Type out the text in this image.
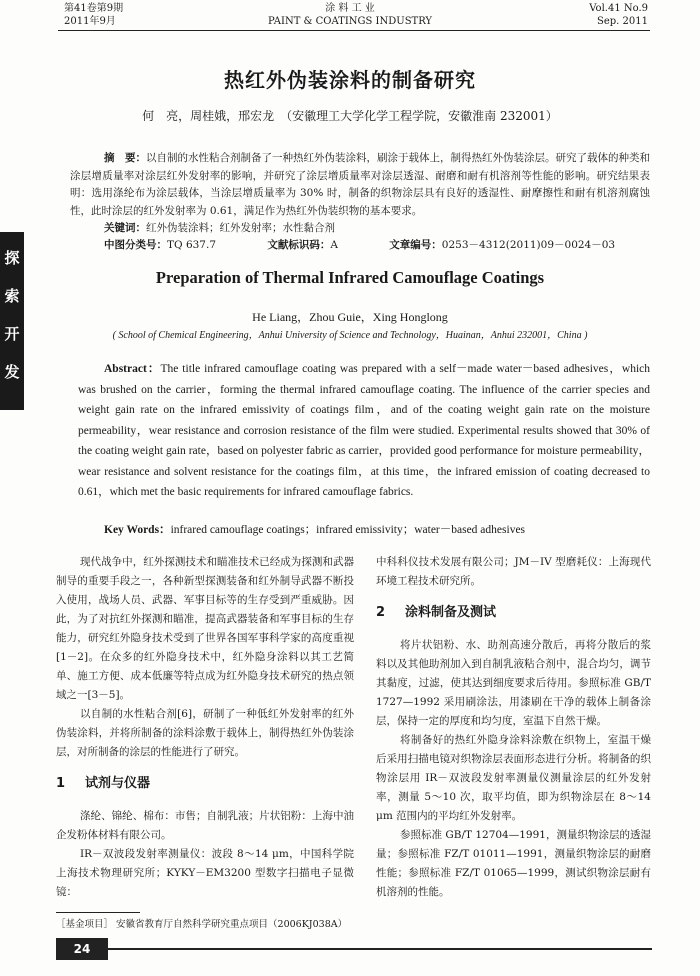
第41卷第9期
2011年9月
涂 料 工 业
PAINT & COATINGS INDUSTRY
Vol.41 No.9
Sep. 2011
探
索
开
发
热红外伪装涂料的制备研究
何　亮，周桂娥，邢宏龙　（安徽理工大学化学工程学院，安徽淮南 232001）
摘　要：以自制的水性粘合剂制备了一种热红外伪装涂料，刷涂于载体上，制得热红外伪装涂层。研究了载体的种类和涂层增质量率对涂层红外发射率的影响，并研究了涂层增质量率对涂层透湿、耐磨和耐有机溶剂等性能的影响。研究结果表明：选用涤纶布为涂层载体，当涂层增质量率为 30% 时，制备的织物涂层具有良好的透湿性、耐摩擦性和耐有机溶剂腐蚀性，此时涂层的红外发射率为 0.61，满足作为热红外伪装织物的基本要求。
关键词：红外伪装涂料；红外发射率；水性黏合剂
中图分类号：TQ 637.7	文献标识码：A	文章编号：0253－4312(2011)09－0024－03
Preparation of Thermal Infrared Camouflage Coatings
He Liang，Zhou Guie，Xing Honglong
( School of Chemical Engineering，Anhui University of Science and Technology，Huainan，Anhui 232001，China )
Abstract：The title infrared camouflage coating was prepared with a self－made water－based adhesives，which was brushed on the carrier，forming the thermal infrared camouflage coating. The influence of the carrier species and weight gain rate on the infrared emissivity of coatings film，and of the coating weight gain rate on the moisture permeability，wear resistance and corrosion resistance of the film were studied. Experimental results showed that 30% of the coating weight gain rate，based on polyester fabric as carrier，provided good performance for moisture permeability，wear resistance and solvent resistance for the coatings film，at this time，the infrared emission of coating decreased to 0.61，which met the basic requirements for infrared camouflage fabrics.
Key Words：infrared camouflage coatings；infrared emissivity；water－based adhesives

现代战争中，红外探测技术和瞄准技术已经成为探测和武器制导的重要手段之一，各种新型探测装备和红外制导武器不断投入使用，战场人员、武器、军事目标等的生存受到严重威胁。因此，为了对抗红外探测和瞄准，提高武器装备和军事目标的生存能力，研究红外隐身技术受到了世界各国军事科学家的高度重视[1－2]。在众多的红外隐身技术中，红外隐身涂料以其工艺简单、施工方便、成本低廉等特点成为红外隐身技术研究的热点领域之一[3－5]。

以自制的水性粘合剂[6]，研制了一种低红外发射率的红外伪装涂料，并将所制备的涂料涂敷于载体上，制得热红外伪装涂层，对所制备的涂层的性能进行了研究。

1 试剂与仪器

涤纶、锦纶、棉布：市售；自制乳液；片状铝粉：上海中油企发粉体材料有限公司。

IR－双波段发射率测量仪：波段 8～14 μm，中国科学院上海技术物理研究所；KYKY－EM3200 型数字扫描电子显微镜：

中科科仪技术发展有限公司；JM－IV 型磨耗仪：上海现代环境工程技术研究所。

2 涂料制备及测试

将片状铝粉、水、助剂高速分散后，再将分散后的浆料以及其他助剂加入到自制乳液粘合剂中，混合均匀，调节其黏度，过滤，使其达到细度要求后待用。参照标准 GB/T 1727—1992 采用刷涂法，用漆刷在干净的载体上制备涂层，保持一定的厚度和均匀度，室温下自然干燥。

将制备好的热红外隐身涂料涂敷在织物上，室温干燥后采用扫描电镜对织物涂层表面形态进行分析。将制备的织物涂层用 IR－双波段发射率测量仪测量涂层的红外发射率，测量 5～10 次，取平均值，即为织物涂层在 8～14 μm 范围内的平均红外发射率。

参照标准 GB/T 12704—1991，测量织物涂层的透湿量；参照标准 FZ/T 01011—1991，测量织物涂层的耐磨性能；参照标准 FZ/T 01065—1999，测试织物涂层耐有机溶剂的性能。

［基金项目］ 安徽省教育厅自然科学研究重点项目（2006KJ038A）
24
